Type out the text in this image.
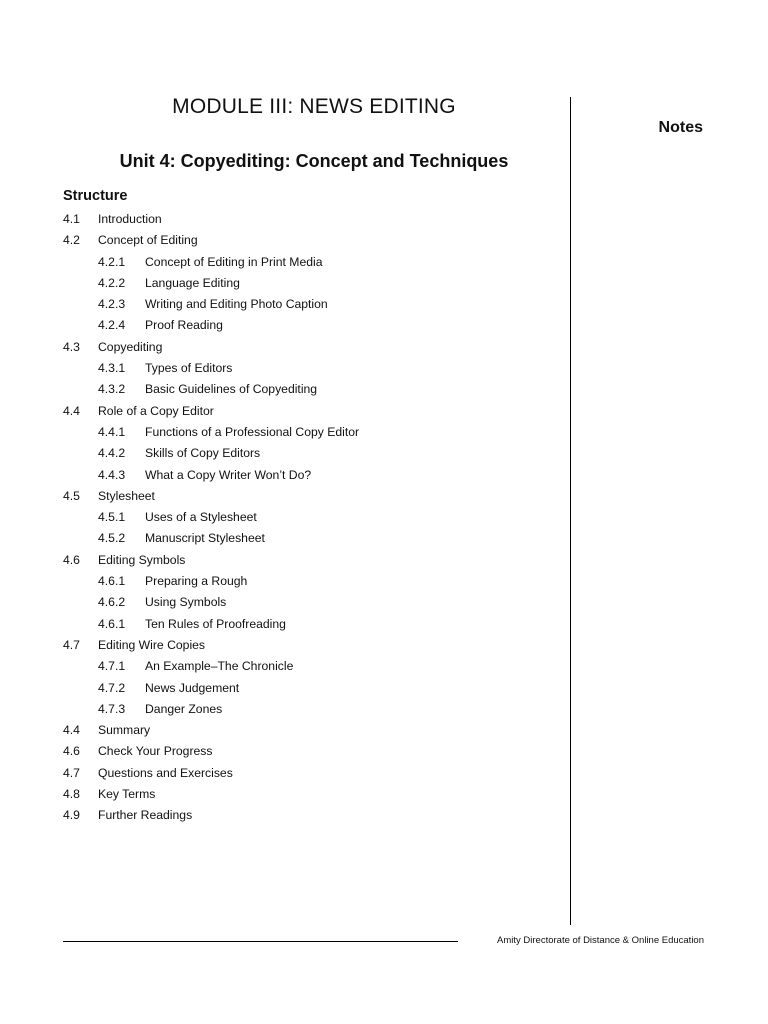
MODULE III: NEWS EDITING
Unit 4: Copyediting: Concept and Techniques
Notes
Structure
4.1 Introduction
4.2 Concept of Editing
4.2.1 Concept of Editing in Print Media
4.2.2 Language Editing
4.2.3 Writing and Editing Photo Caption
4.2.4 Proof Reading
4.3 Copyediting
4.3.1 Types of Editors
4.3.2 Basic Guidelines of Copyediting
4.4 Role of a Copy Editor
4.4.1 Functions of a Professional Copy Editor
4.4.2 Skills of Copy Editors
4.4.3 What a Copy Writer Won’t Do?
4.5 Stylesheet
4.5.1 Uses of a Stylesheet
4.5.2 Manuscript Stylesheet
4.6 Editing Symbols
4.6.1 Preparing a Rough
4.6.2 Using Symbols
4.6.1 Ten Rules of Proofreading
4.7 Editing Wire Copies
4.7.1 An Example–The Chronicle
4.7.2 News Judgement
4.7.3 Danger Zones
4.4 Summary
4.6 Check Your Progress
4.7 Questions and Exercises
4.8 Key Terms
4.9 Further Readings
Amity Directorate of Distance & Online Education
